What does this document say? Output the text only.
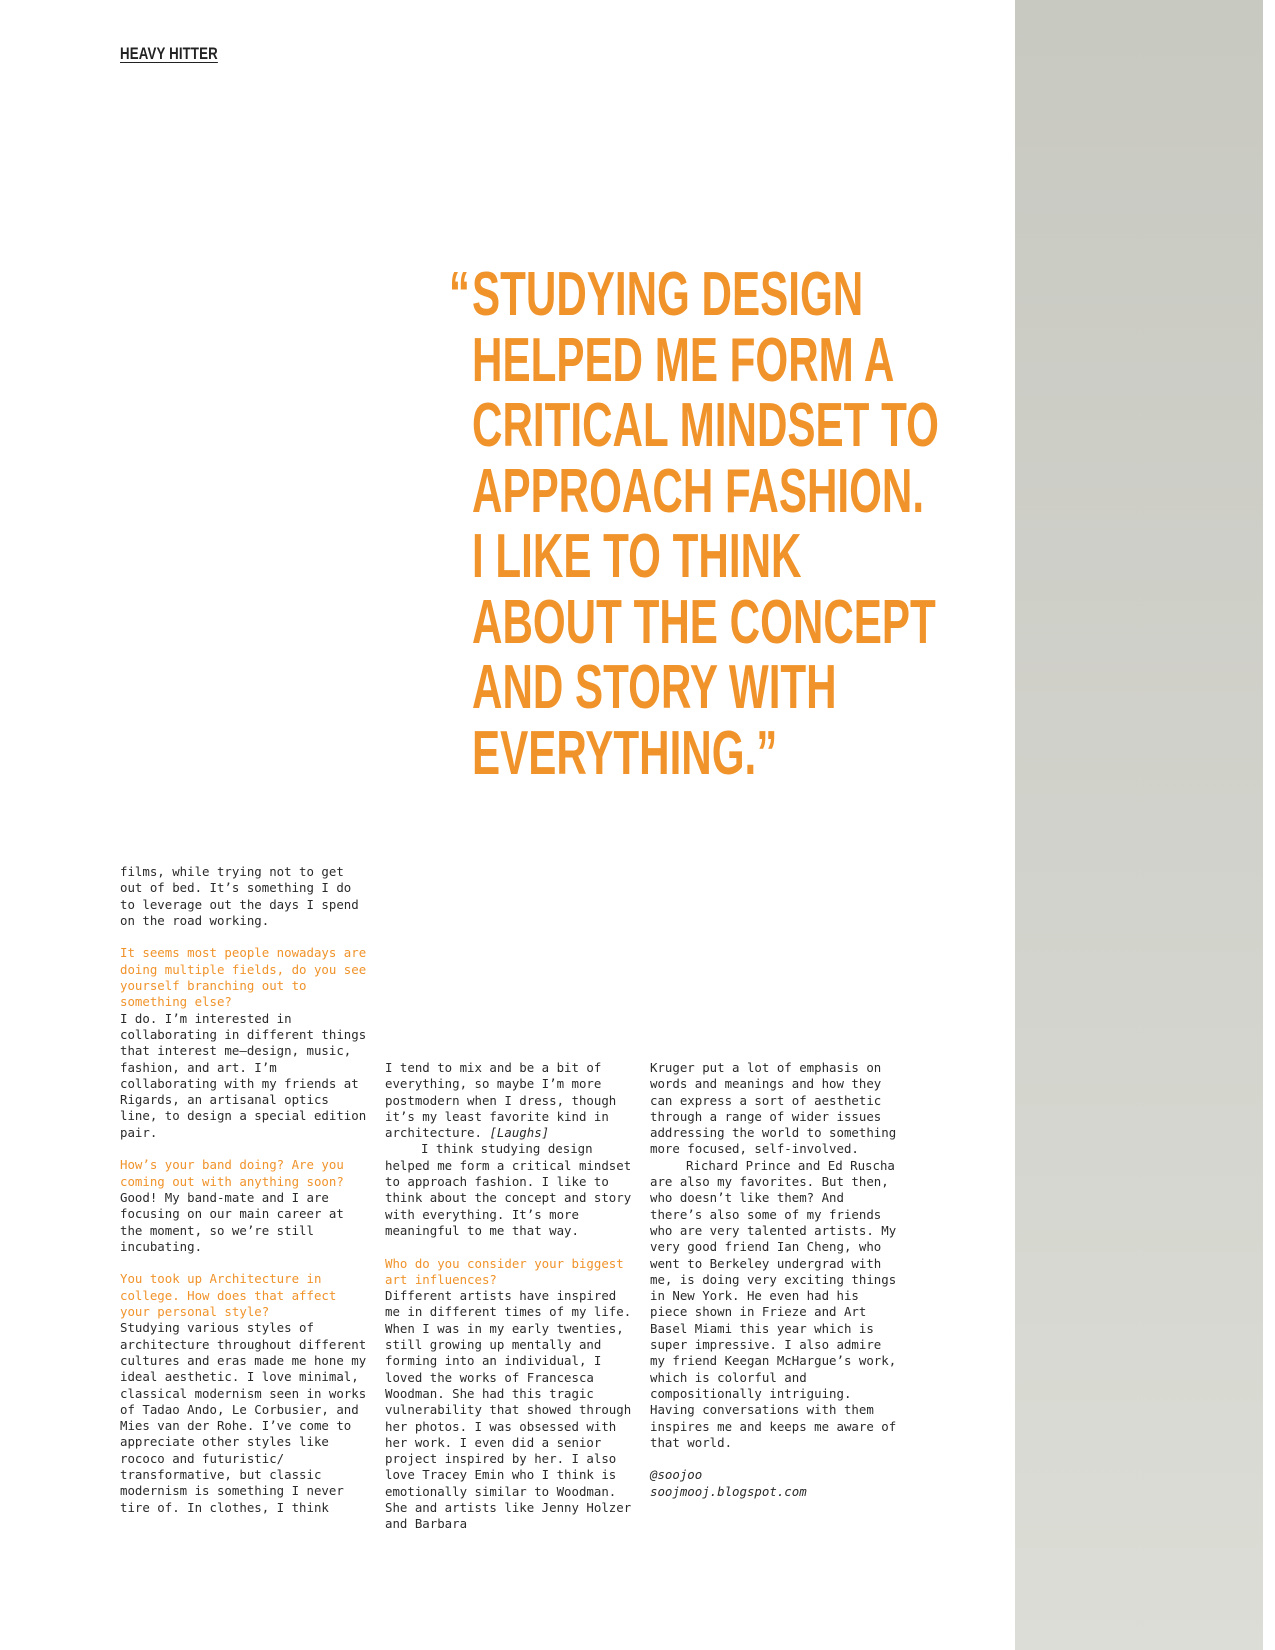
HEAVY HITTER
“ STUDYING DESIGN
HELPED ME FORM A
CRITICAL MINDSET TO
APPROACH FASHION.
I LIKE TO THINK
ABOUT THE CONCEPT
AND STORY WITH
EVERYTHING.”

films, while trying not to get out of bed. It’s something I do to leverage out the days I spend on the road working.

It seems most people nowadays are doing multiple fields, do you see yourself branching out to something else?

I do. I’m interested in collaborating in different things that interest me—design, music, fashion, and art. I’m collaborating with my friends at Rigards, an artisanal optics line, to design a special edition pair.

How’s your band doing? Are you coming out with anything soon?

Good! My band-mate and I are focusing on our main career at the moment, so we’re still incubating.

You took up Architecture in college. How does that affect your personal style?

Studying various styles of architecture throughout different cultures and eras made me hone my ideal aesthetic. I love minimal, classical modernism seen in works of Tadao Ando, Le Corbusier, and Mies van der Rohe. I’ve come to appreciate other styles like rococo and futuristic/ transformative, but classic modernism is something I never tire of. In clothes, I think

I tend to mix and be a bit of everything, so maybe I’m more postmodern when I dress, though it’s my least favorite kind in architecture. [Laughs]

I think studying design helped me form a critical mindset to approach fashion. I like to think about the concept and story with everything. It’s more meaningful to me that way.

Who do you consider your biggest art influences?

Different artists have inspired me in different times of my life. When I was in my early twenties, still growing up mentally and forming into an individual, I loved the works of Francesca Woodman. She had this tragic vulnerability that showed through her photos. I was obsessed with her work. I even did a senior project inspired by her. I also love Tracey Emin who I think is emotionally similar to Woodman. She and artists like Jenny Holzer and Barbara

Kruger put a lot of emphasis on words and meanings and how they can express a sort of aesthetic through a range of wider issues addressing the world to something more focused, self-involved.

Richard Prince and Ed Ruscha are also my favorites. But then, who doesn’t like them? And there’s also some of my friends who are very talented artists. My very good friend Ian Cheng, who went to Berkeley undergrad with me, is doing very exciting things in New York. He even had his piece shown in Frieze and Art Basel Miami this year which is super impressive. I also admire my friend Keegan McHargue’s work, which is colorful and compositionally intriguing. Having conversations with them inspires me and keeps me aware of that world.

@soojoo

soojmooj.blogspot.com
